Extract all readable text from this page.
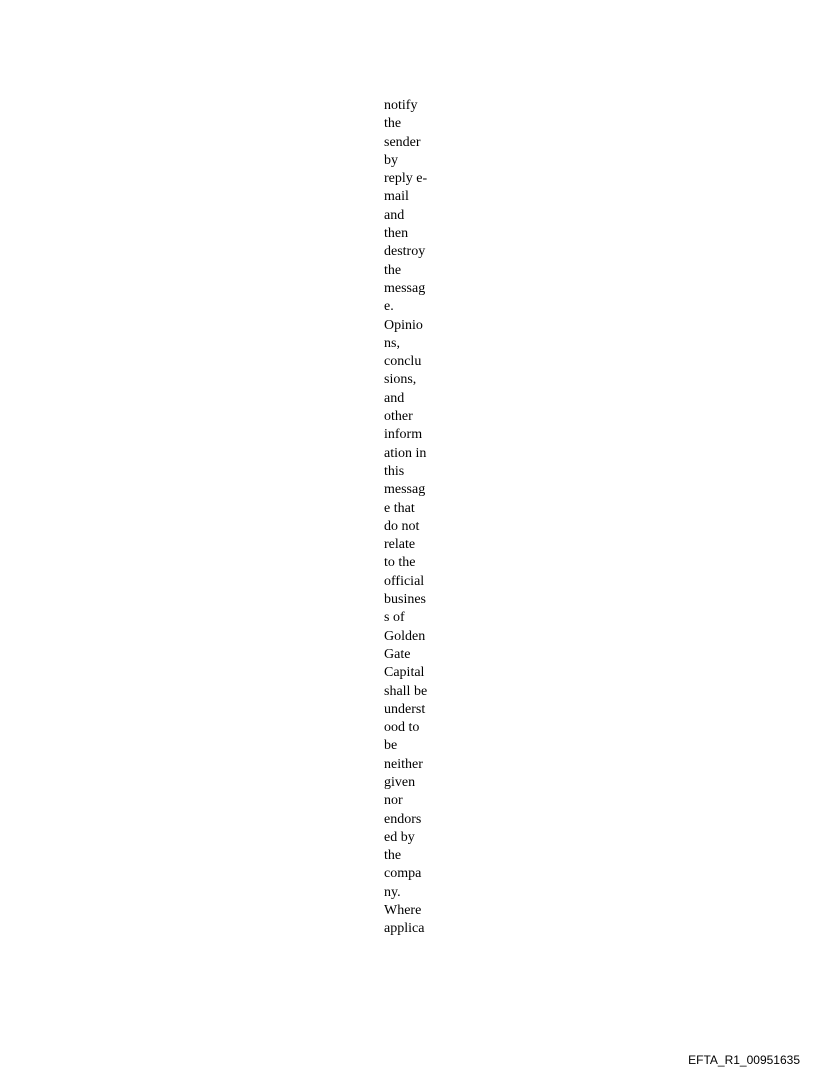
notify
the
sender
by
reply e-
mail
and
then
destroy
the
messag
e.
Opinio
ns,
conclu
sions,
and
other
inform
ation in
this
messag
e that
do not
relate
to the
official
busines
s of
Golden
Gate
Capital
shall be
underst
ood to
be
neither
given
nor
endors
ed by
the
compa
ny.
Where
applica
EFTA_R1_00951635
